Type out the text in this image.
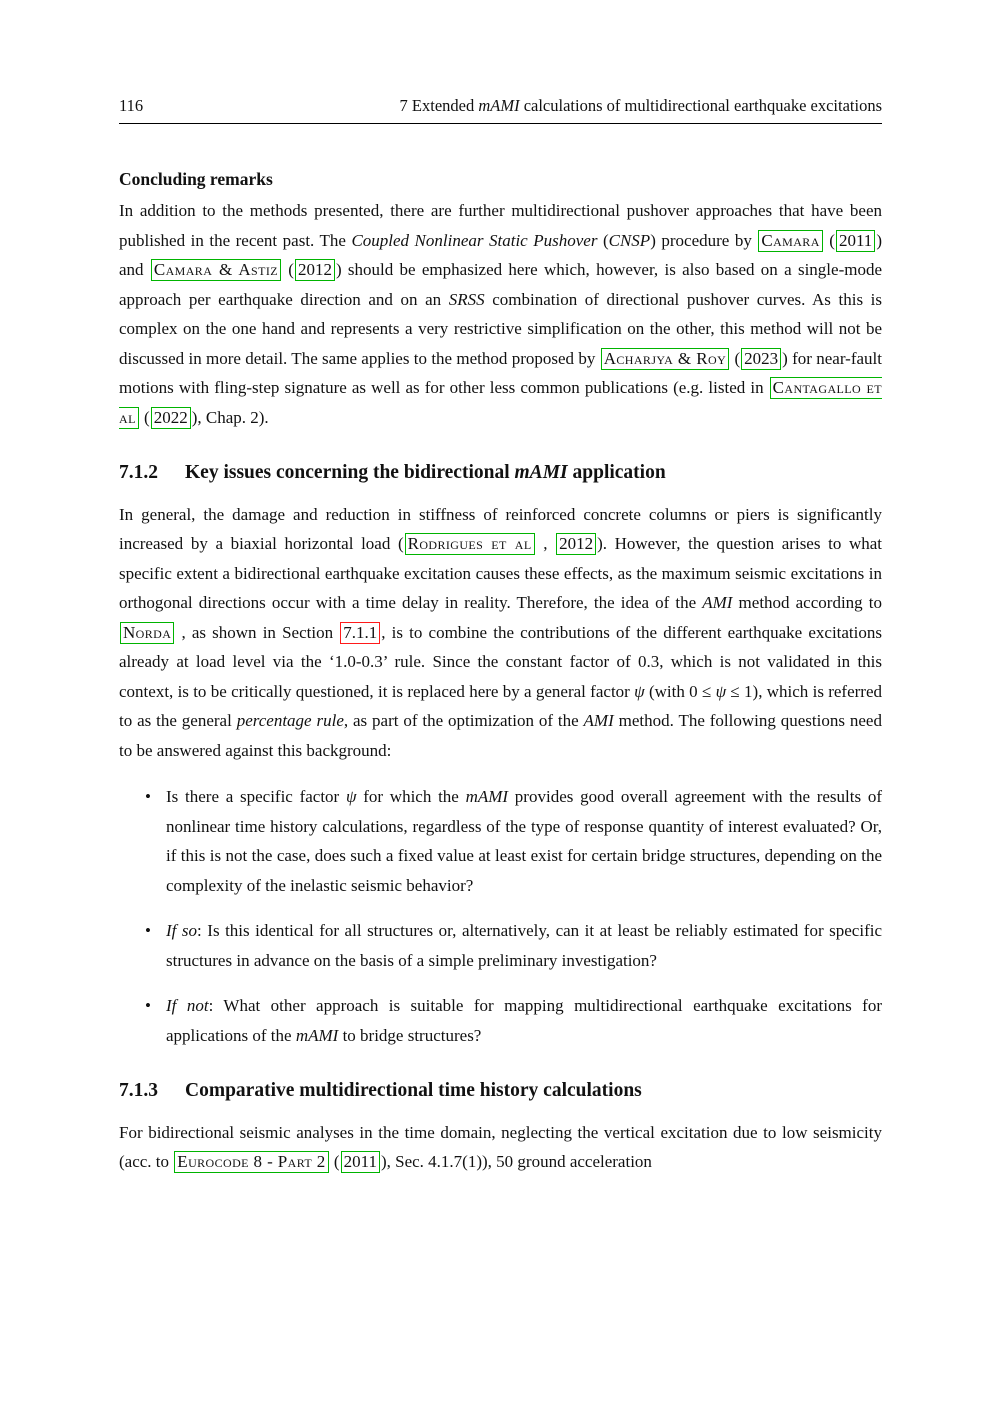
116	7 Extended mAMI calculations of multidirectional earthquake excitations
Concluding remarks

In addition to the methods presented, there are further multidirectional pushover approaches that have been published in the recent past. The Coupled Nonlinear Static Pushover (CNSP) procedure by Camara ( 2011 ) and Camara & Astiz ( 2012 ) should be emphasized here which, however, is also based on a single-mode approach per earthquake direction and on an SRSS combination of directional pushover curves. As this is complex on the one hand and represents a very restrictive simplification on the other, this method will not be discussed in more detail. The same applies to the method proposed by Acharjya & Roy ( 2023 ) for near-fault motions with fling-step signature as well as for other less common publications (e.g. listed in Cantagallo et al ( 2022 ), Chap. 2).

7.1.2 Key issues concerning the bidirectional mAMI application

In general, the damage and reduction in stiffness of reinforced concrete columns or piers is significantly increased by a biaxial horizontal load ( Rodrigues et al , 2012 ). However, the question arises to what specific extent a bidirectional earthquake excitation causes these effects, as the maximum seismic excitations in orthogonal directions occur with a time delay in reality. Therefore, the idea of the AMI method according to Norda , as shown in Section 7.1.1 , is to combine the contributions of the different earthquake excitations already at load level via the ‘1.0-0.3’ rule. Since the constant factor of 0.3, which is not validated in this context, is to be critically questioned, it is replaced here by a general factor ψ (with 0 ≤ ψ ≤ 1), which is referred to as the general percentage rule, as part of the optimization of the AMI method. The following questions need to be answered against this background:

• Is there a specific factor ψ for which the mAMI provides good overall agreement with the results of nonlinear time history calculations, regardless of the type of response quantity of interest evaluated? Or, if this is not the case, does such a fixed value at least exist for certain bridge structures, depending on the complexity of the inelastic seismic behavior?
• If so: Is this identical for all structures or, alternatively, can it at least be reliably estimated for specific structures in advance on the basis of a simple preliminary investigation?
• If not: What other approach is suitable for mapping multidirectional earthquake excitations for applications of the mAMI to bridge structures?
7.1.3 Comparative multidirectional time history calculations

For bidirectional seismic analyses in the time domain, neglecting the vertical excitation due to low seismicity (acc. to Eurocode 8 - Part 2 ( 2011 ), Sec. 4.1.7(1)), 50 ground acceleration
